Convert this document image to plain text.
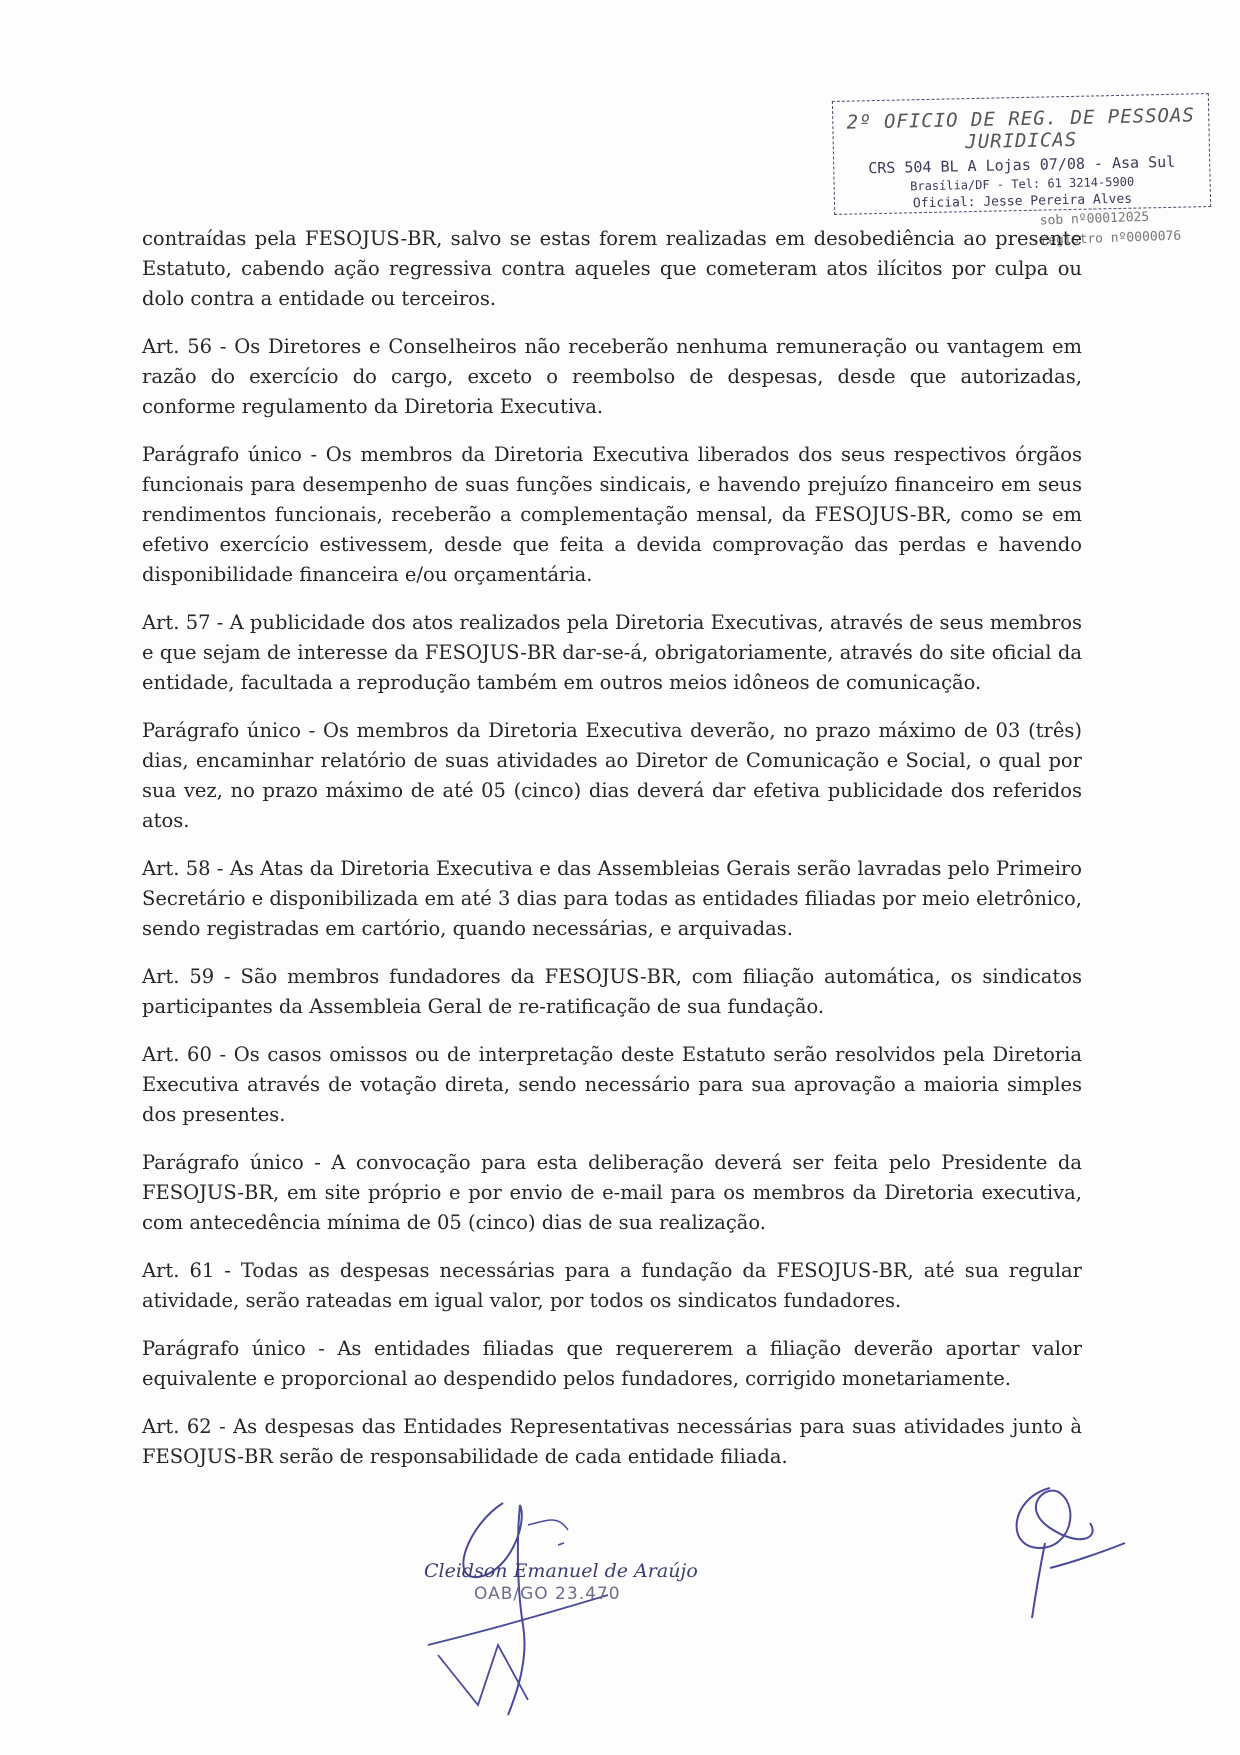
2º OFICIO DE REG. DE PESSOAS JURIDICAS
CRS 504 BL A Lojas 07/08 - Asa Sul
Brasília/DF - Tel: 61 3214-5900
Oficial: Jesse Pereira Alves
sob nº00012025
registro nº0000076

contraídas pela FESOJUS-BR, salvo se estas forem realizadas em desobediência ao presente Estatuto, cabendo ação regressiva contra aqueles que cometeram atos ilícitos por culpa ou dolo contra a entidade ou terceiros.

Art. 56 - Os Diretores e Conselheiros não receberão nenhuma remuneração ou vantagem em razão do exercício do cargo, exceto o reembolso de despesas, desde que autorizadas, conforme regulamento da Diretoria Executiva.

Parágrafo único - Os membros da Diretoria Executiva liberados dos seus respectivos órgãos funcionais para desempenho de suas funções sindicais, e havendo prejuízo financeiro em seus rendimentos funcionais, receberão a complementação mensal, da FESOJUS-BR, como se em efetivo exercício estivessem, desde que feita a devida comprovação das perdas e havendo disponibilidade financeira e/ou orçamentária.

Art. 57 - A publicidade dos atos realizados pela Diretoria Executivas, através de seus membros e que sejam de interesse da FESOJUS-BR dar-se-á, obrigatoriamente, através do site oficial da entidade, facultada a reprodução também em outros meios idôneos de comunicação.

Parágrafo único - Os membros da Diretoria Executiva deverão, no prazo máximo de 03 (três) dias, encaminhar relatório de suas atividades ao Diretor de Comunicação e Social, o qual por sua vez, no prazo máximo de até 05 (cinco) dias deverá dar efetiva publicidade dos referidos atos.

Art. 58 - As Atas da Diretoria Executiva e das Assembleias Gerais serão lavradas pelo Primeiro Secretário e disponibilizada em até 3 dias para todas as entidades filiadas por meio eletrônico, sendo registradas em cartório, quando necessárias, e arquivadas.

Art. 59 - São membros fundadores da FESOJUS-BR, com filiação automática, os sindicatos participantes da Assembleia Geral de re-ratificação de sua fundação.

Art. 60 - Os casos omissos ou de interpretação deste Estatuto serão resolvidos pela Diretoria Executiva através de votação direta, sendo necessário para sua aprovação a maioria simples dos presentes.

Parágrafo único - A convocação para esta deliberação deverá ser feita pelo Presidente da FESOJUS-BR, em site próprio e por envio de e-mail para os membros da Diretoria executiva, com antecedência mínima de 05 (cinco) dias de sua realização.

Art. 61 - Todas as despesas necessárias para a fundação da FESOJUS-BR, até sua regular atividade, serão rateadas em igual valor, por todos os sindicatos fundadores.

Parágrafo único - As entidades filiadas que requererem a filiação deverão aportar valor equivalente e proporcional ao despendido pelos fundadores, corrigido monetariamente.

Art. 62 - As despesas das Entidades Representativas necessárias para suas atividades junto à FESOJUS-BR serão de responsabilidade de cada entidade filiada.

Cleidson Emanuel de Araújo
OAB/GO 23.470
